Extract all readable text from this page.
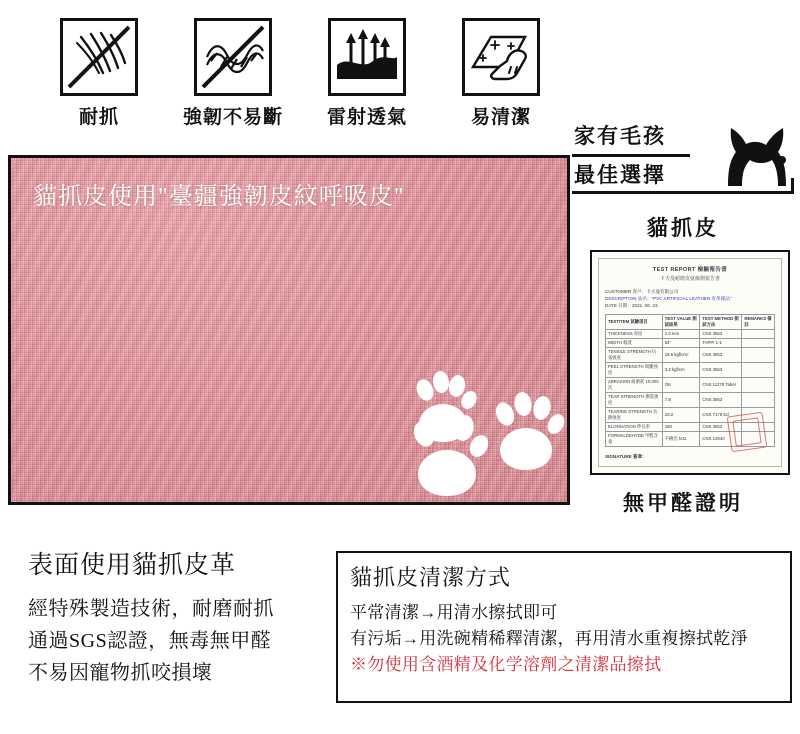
耐抓	強韌不易斷 雷射透氣	易清潔
貓抓皮使用"臺疆強韌皮紋呼吸皮"
家有毛孩
最佳選擇
貓抓皮
TEST REPORT 檢驗報告書
卡夫曼耐磨皮氨檢測報告書
CUSTOMER 客戶：卡夫曼有限公司
DESCRIPTION 品名："PVC ARTIFICIAL LEATHER 皮革樣品"
DATE 日期：2021. 06. 23
TESTITEM 試驗項目	TEST VALUE 測試結果	TEST METHOD 測試方法	REMARKS 備註
THICKNESS 厚度	1.0 mm	CNS 3553	
WIDTH 幅寬	54"	TAPPI 1-1	
TENSILE STRENGTH 抗張強度	18.6 kgf/cm²	CNS 3553	
PEEL STRENGTH 剝離強度	3.2 kgf/cm	CNS 3553	
ABRASION 耐磨耗 10,000 次	OK	CNS 11278 Taber	
TEAR STRENGTH 撕裂強度	7.8	CNS 3553	
TEARING STRENGTH 抗撕強度	10.2	CNS 7178 Ed	
ELONGATION 伸長率	180	CNS 3553	
FORMALDEHYDE 甲醛含量	不檢出 N.D.	CNS 14940	
SIGNATURE 簽章：
無甲醛證明
表面使用貓抓皮革
經特殊製造技術，耐磨耐抓
通過SGS認證，無毒無甲醛
不易因寵物抓咬損壞
貓抓皮清潔方式
平常清潔→用清水擦拭即可
有污垢→用洗碗精稀釋清潔，再用清水重複擦拭乾淨
※勿使用含酒精及化学溶劑之清潔品擦拭
